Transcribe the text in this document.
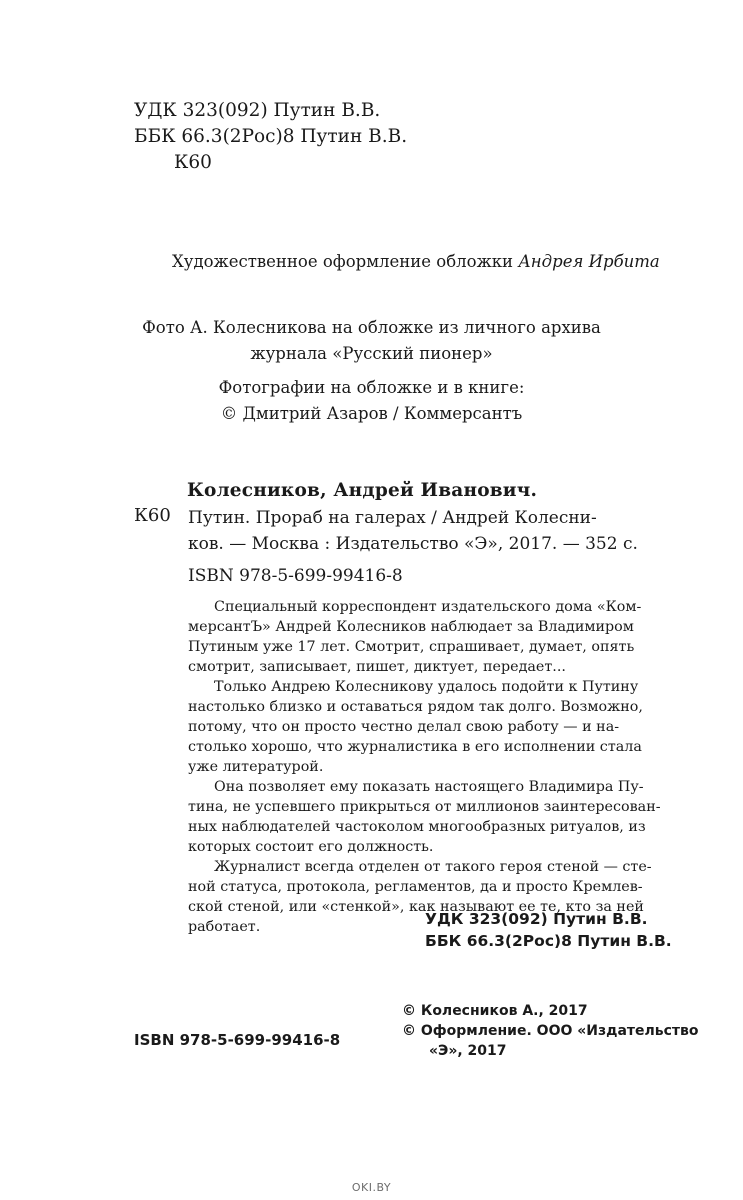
УДК 323(092) Путин В.В.
ББК 66.3(2Рос)8 Путин В.В.
К60
Художественное оформление обложки Андрея Ирбита
Фото А. Колесникова на обложке из личного архива
журнала «Русский пионер»
Фотографии на обложке и в книге:
© Дмитрий Азаров / Коммерсантъ
Колесников, Андрей Иванович.
К60 Путин. Прораб на галерах / Андрей Колесни-
ков. — Москва : Издательство «Э», 2017. — 352 с.
ISBN 978-5-699-99416-8

Специальный корреспондент издательского дома «Ком-
мерсантЪ» Андрей Колесников наблюдает за Владимиром
Путиным уже 17 лет. Смотрит, спрашивает, думает, опять
смотрит, записывает, пишет, диктует, передает...

Только Андрею Колесникову удалось подойти к Путину
настолько близко и оставаться рядом так долго. Возможно,
потому, что он просто честно делал свою работу — и на-
столько хорошо, что журналистика в его исполнении стала
уже литературой.

Она позволяет ему показать настоящего Владимира Пу-
тина, не успевшего прикрыться от миллионов заинтересован-
ных наблюдателей частоколом многообразных ритуалов, из
которых состоит его должность.

Журналист всегда отделен от такого героя стеной — сте-
ной статуса, протокола, регламентов, да и просто Кремлев-
ской стеной, или «стенкой», как называют ее те, кто за ней
работает.	УДК 323(092) Путин В.В.
ББК 66.3(2Рос)8 Путин В.В.
© Колесников А., 2017
© Оформление. ООО «Издательство
«Э», 2017
ISBN 978-5-699-99416-8
OKI.BY
